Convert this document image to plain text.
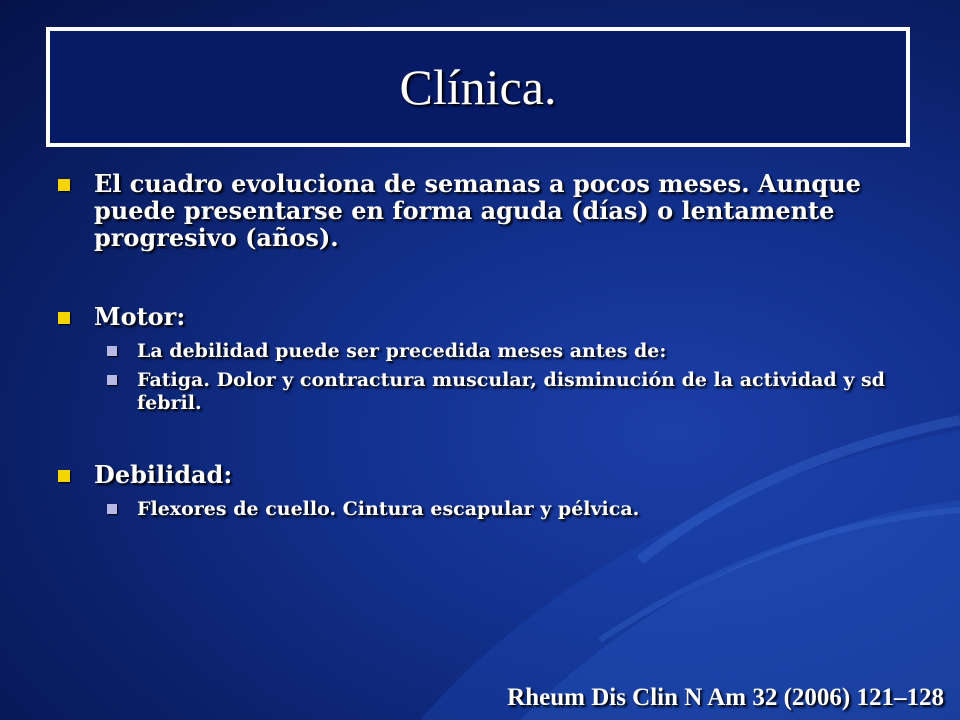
Clínica.
El cuadro evoluciona de semanas a pocos meses. Aunque puede presentarse en forma aguda (días) o lentamente progresivo (años).
Motor:
La debilidad puede ser precedida meses antes de:
Fatiga. Dolor y contractura muscular, disminución de la actividad y sd febril.
Debilidad:
Flexores de cuello. Cintura escapular y pélvica.
Rheum Dis Clin N Am 32 (2006) 121–128
